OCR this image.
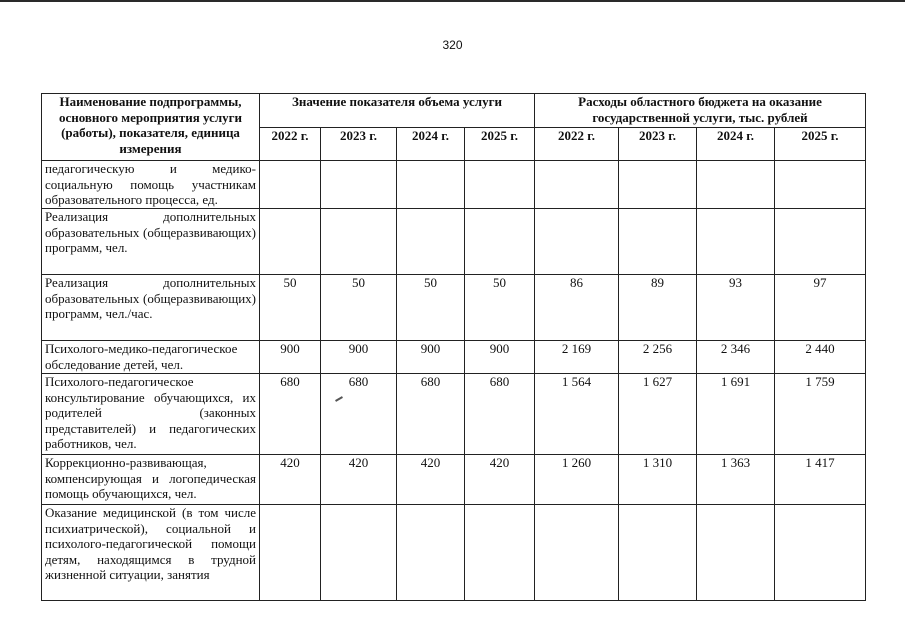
320
Наименование подпрограммы, основного мероприятия услуги (работы), показателя, единица измерения	Значение показателя объема услуги				Расходы областного бюджета на оказание государственной услуги, тыс. рублей			
	2022 г.	2023 г.	2024 г.	2025 г.	2022 г.	2023 г.	2024 г.	2025 г.
педагогическую и медико-социальную помощь участникам образовательного процесса, ед.								
Реализация дополнительных образовательных (общеразвивающих) программ, чел.								
Реализация дополнительных образовательных (общеразвивающих) программ, чел./час.	50	50	50	50	86	89	93	97
Психолого-медико-педагогическое обследование детей, чел.	900	900	900	900	2 169	2 256	2 346	2 440
Психолого-педагогическое консультирование обучающихся, их родителей (законных представителей) и педагогических работников, чел.	680	680	680	680	1 564	1 627	1 691	1 759
Коррекционно-развивающая, компенсирующая и логопедическая помощь обучающихся, чел.	420	420	420	420	1 260	1 310	1 363	1 417
Оказание медицинской (в том числе психиатрической), социальной и психолого-педагогической помощи детям, находящимся в трудной жизненной ситуации, занятия								
